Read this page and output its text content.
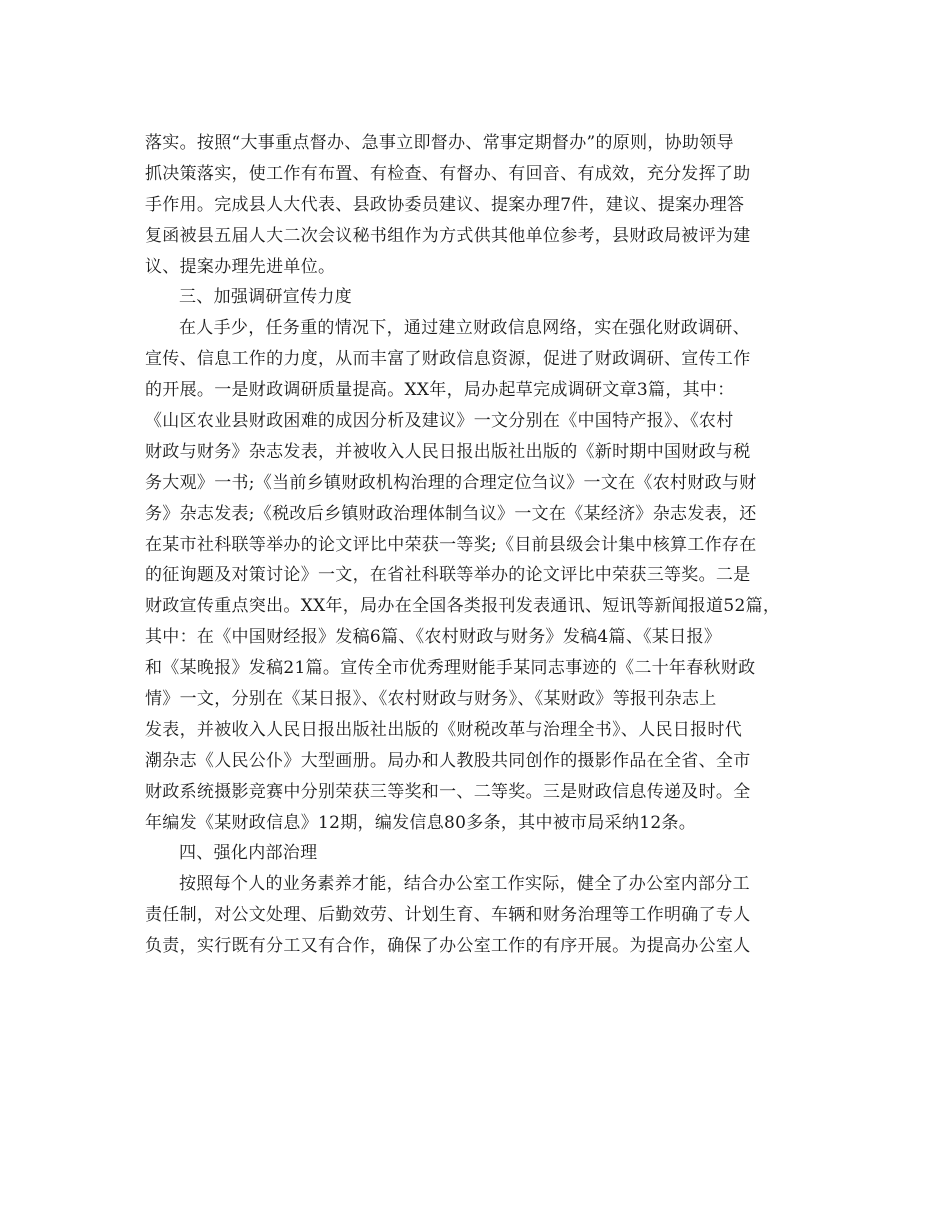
落实。按照“大事重点督办、急事立即督办、常事定期督办”的原则，协助领导
抓决策落实，使工作有布置、有检查、有督办、有回音、有成效，充分发挥了助
手作用。完成县人大代表、县政协委员建议、提案办理7件，建议、提案办理答
复函被县五届人大二次会议秘书组作为方式供其他单位参考，县财政局被评为建
议、提案办理先进单位。
三、加强调研宣传力度
在人手少，任务重的情况下，通过建立财政信息网络，实在强化财政调研、
宣传、信息工作的力度，从而丰富了财政信息资源，促进了财政调研、宣传工作
的开展。一是财政调研质量提高。XX年，局办起草完成调研文章3篇，其中：
《山区农业县财政困难的成因分析及建议》一文分别在《中国特产报》、《农村
财政与财务》杂志发表，并被收入人民日报出版社出版的《新时期中国财政与税
务大观》一书;《当前乡镇财政机构治理的合理定位刍议》一文在《农村财政与财
务》杂志发表;《税改后乡镇财政治理体制刍议》一文在《某经济》杂志发表，还
在某市社科联等举办的论文评比中荣获一等奖;《目前县级会计集中核算工作存在
的征询题及对策讨论》一文，在省社科联等举办的论文评比中荣获三等奖。二是
财政宣传重点突出。XX年，局办在全国各类报刊发表通讯、短讯等新闻报道52篇，
其中：在《中国财经报》发稿6篇、《农村财政与财务》发稿4篇、《某日报》
和《某晚报》发稿21篇。宣传全市优秀理财能手某同志事迹的《二十年春秋财政
情》一文，分别在《某日报》、《农村财政与财务》、《某财政》等报刊杂志上
发表，并被收入人民日报出版社出版的《财税改革与治理全书》、人民日报时代
潮杂志《人民公仆》大型画册。局办和人教股共同创作的摄影作品在全省、全市
财政系统摄影竞赛中分别荣获三等奖和一、二等奖。三是财政信息传递及时。全
年编发《某财政信息》12期，编发信息80多条，其中被市局采纳12条。
四、强化内部治理
按照每个人的业务素养才能，结合办公室工作实际，健全了办公室内部分工
责任制，对公文处理、后勤效劳、计划生育、车辆和财务治理等工作明确了专人
负责，实行既有分工又有合作，确保了办公室工作的有序开展。为提高办公室人
